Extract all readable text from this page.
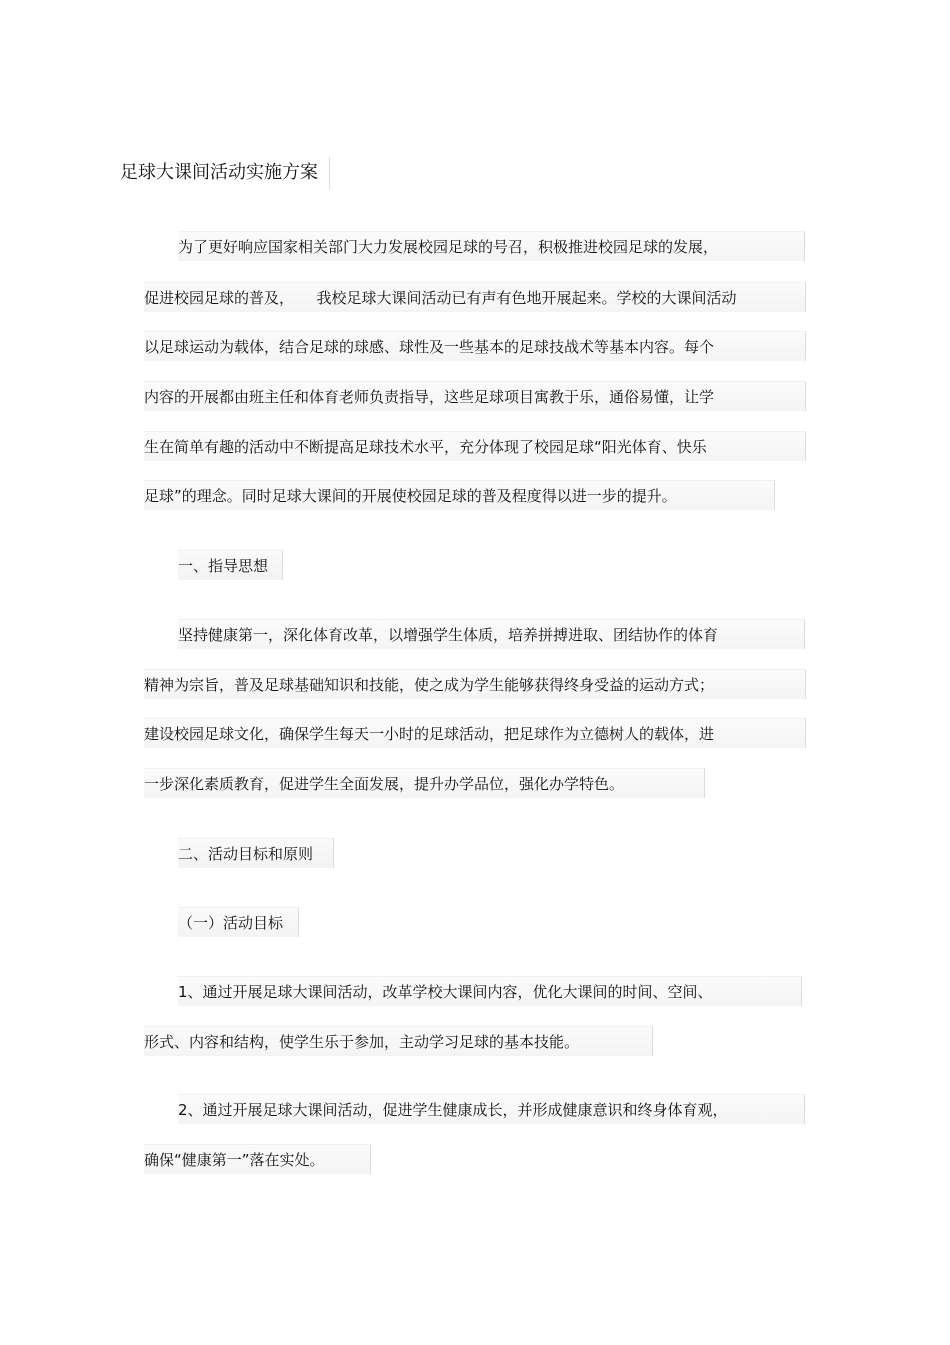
足球大课间活动实施方案
为了更好响应国家相关部门大力发展校园足球的号召，积极推进校园足球的发展，
促进校园足球的普及，　　我校足球大课间活动已有声有色地开展起来。学校的大课间活动
以足球运动为载体，结合足球的球感、球性及一些基本的足球技战术等基本内容。每个
内容的开展都由班主任和体育老师负责指导，这些足球项目寓教于乐，通俗易懂，让学
生在简单有趣的活动中不断提高足球技术水平，充分体现了校园足球“阳光体育、快乐
足球”的理念。同时足球大课间的开展使校园足球的普及程度得以进一步的提升。
一、指导思想
坚持健康第一，深化体育改革，以增强学生体质，培养拼搏进取、团结协作的体育
精神为宗旨，普及足球基础知识和技能，使之成为学生能够获得终身受益的运动方式；
建设校园足球文化，确保学生每天一小时的足球活动，把足球作为立德树人的载体，进
一步深化素质教育，促进学生全面发展，提升办学品位，强化办学特色。
二、活动目标和原则
（一）活动目标
1、通过开展足球大课间活动，改革学校大课间内容，优化大课间的时间、空间、
形式、内容和结构，使学生乐于参加，主动学习足球的基本技能。
2、通过开展足球大课间活动，促进学生健康成长，并形成健康意识和终身体育观，
确保“健康第一”落在实处。
